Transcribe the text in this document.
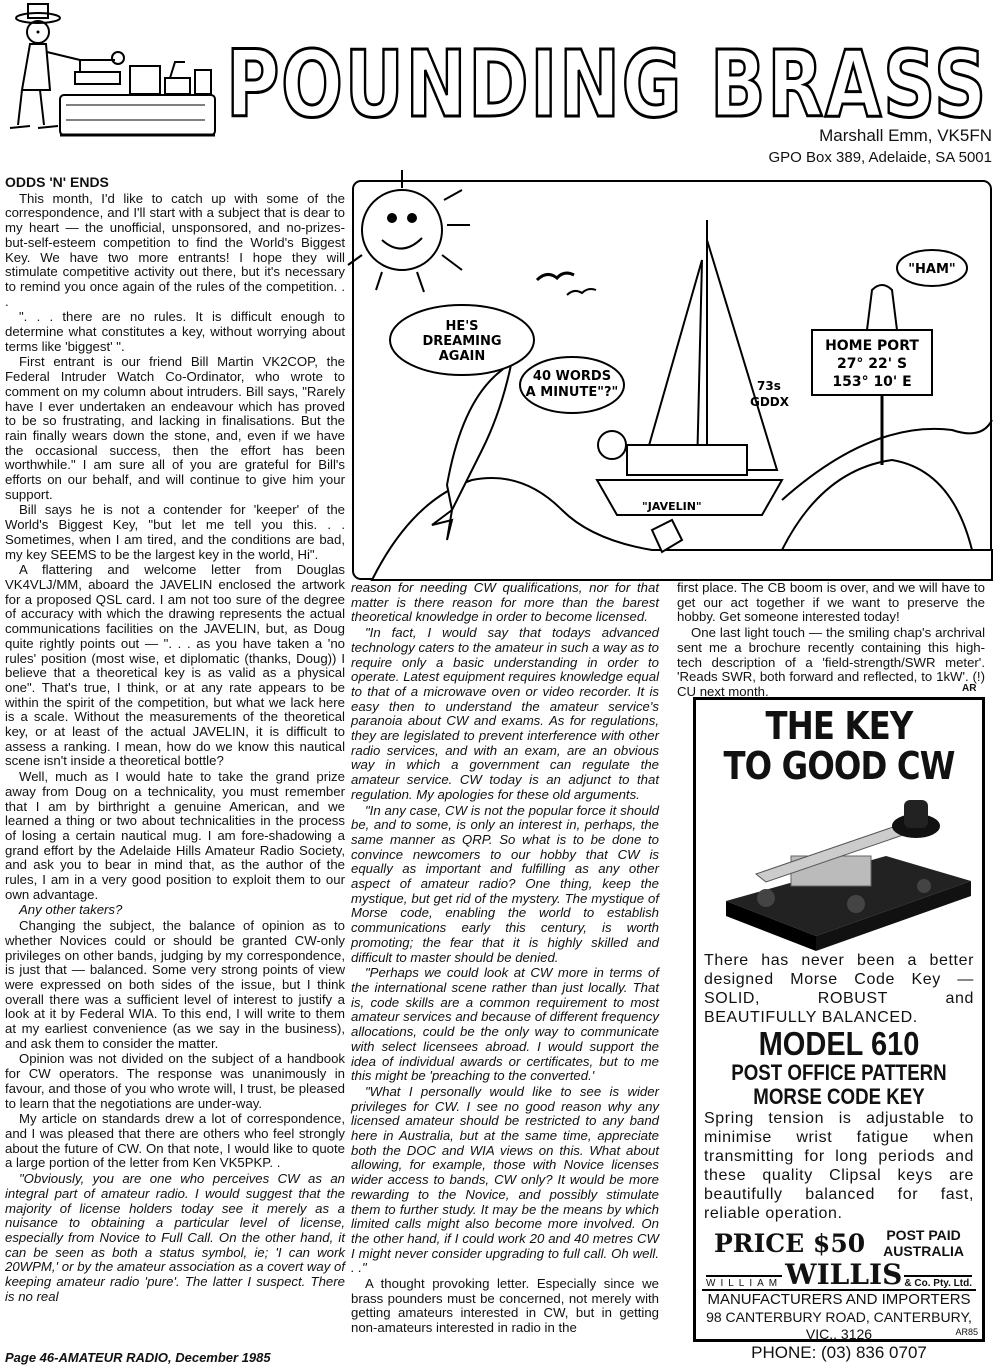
POUNDING BRASS
Marshall Emm, VK5FN
GPO Box 389, Adelaide, SA 5001
ODDS 'N' ENDS

This month, I'd like to catch up with some of the correspondence, and I'll start with a subject that is dear to my heart — the unofficial, unsponsored, and no-prizes-but-self-esteem competition to find the World's Biggest Key. We have two more entrants! I hope they will stimulate competitive activity out there, but it's necessary to remind you once again of the rules of the competition. . .

". . . there are no rules. It is difficult enough to determine what constitutes a key, without worrying about terms like 'biggest' ".

First entrant is our friend Bill Martin VK2COP, the Federal Intruder Watch Co-Ordinator, who wrote to comment on my column about intruders. Bill says, "Rarely have I ever undertaken an endeavour which has proved to be so frustrating, and lacking in finalisations. But the rain finally wears down the stone, and, even if we have the occasional success, then the effort has been worthwhile." I am sure all of you are grateful for Bill's efforts on our behalf, and will continue to give him your support.

Bill says he is not a contender for 'keeper' of the World's Biggest Key, "but let me tell you this. . . Sometimes, when I am tired, and the conditions are bad, my key SEEMS to be the largest key in the world, Hi".

A flattering and welcome letter from Douglas VK4VLJ/MM, aboard the JAVELIN enclosed the artwork for a proposed QSL card. I am not too sure of the degree of accuracy with which the drawing represents the actual communications facilities on the JAVELIN, but, as Doug quite rightly points out — ". . . as you have taken a 'no rules' position (most wise, et diplomatic (thanks, Doug)) I believe that a theoretical key is as valid as a physical one". That's true, I think, or at any rate appears to be within the spirit of the competition, but what we lack here is a scale. Without the measurements of the theoretical key, or at least of the actual JAVELIN, it is difficult to assess a ranking. I mean, how do we know this nautical scene isn't inside a theoretical bottle?

Well, much as I would hate to take the grand prize away from Doug on a technicality, you must remember that I am by birthright a genuine American, and we learned a thing or two about technicalities in the process of losing a certain nautical mug. I am fore-shadowing a grand effort by the Adelaide Hills Amateur Radio Society, and ask you to bear in mind that, as the author of the rules, I am in a very good position to exploit them to our own advantage.

Any other takers?

Changing the subject, the balance of opinion as to whether Novices could or should be granted CW-only privileges on other bands, judging by my correspondence, is just that — balanced. Some very strong points of view were expressed on both sides of the issue, but I think overall there was a sufficient level of interest to justify a look at it by Federal WIA. To this end, I will write to them at my earliest convenience (as we say in the business), and ask them to consider the matter.

Opinion was not divided on the subject of a handbook for CW operators. The response was unanimously in favour, and those of you who wrote will, I trust, be pleased to learn that the negotiations are under-way.

My article on standards drew a lot of correspondence, and I was pleased that there are others who feel strongly about the future of CW. On that note, I would like to quote a large portion of the letter from Ken VK5PKP. .

"Obviously, you are one who perceives CW as an integral part of amateur radio. I would suggest that the majority of license holders today see it merely as a nuisance to obtaining a particular level of license, especially from Novice to Full Call. On the other hand, it can be seen as both a status symbol, ie; 'I can work 20WPM,' or by the amateur association as a covert way of keeping amateur radio 'pure'. The latter I suspect. There is no real

HE'S
DREAMING
AGAIN
"JAVELIN"
73s
GDDX
40 WORDS
A MINUTE"?"
HOME PORT
27° 22' S
153° 10' E
"HAM"

reason for needing CW qualifications, nor for that matter is there reason for more than the barest theoretical knowledge in order to become licensed.

"In fact, I would say that todays advanced technology caters to the amateur in such a way as to require only a basic understanding in order to operate. Latest equipment requires knowledge equal to that of a microwave oven or video recorder. It is easy then to understand the amateur service's paranoia about CW and exams. As for regulations, they are legislated to prevent interference with other radio services, and with an exam, are an obvious way in which a government can regulate the amateur service. CW today is an adjunct to that regulation. My apologies for these old arguments.

"In any case, CW is not the popular force it should be, and to some, is only an interest in, perhaps, the same manner as QRP. So what is to be done to convince newcomers to our hobby that CW is equally as important and fulfilling as any other aspect of amateur radio? One thing, keep the mystique, but get rid of the mystery. The mystique of Morse code, enabling the world to establish communications early this century, is worth promoting; the fear that it is highly skilled and difficult to master should be denied.

"Perhaps we could look at CW more in terms of the international scene rather than just locally. That is, code skills are a common requirement to most amateur services and because of different frequency allocations, could be the only way to communicate with select licensees abroad. I would support the idea of individual awards or certificates, but to me this might be 'preaching to the converted.'

"What I personally would like to see is wider privileges for CW. I see no good reason why any licensed amateur should be restricted to any band here in Australia, but at the same time, appreciate both the DOC and WIA views on this. What about allowing, for example, those with Novice licenses wider access to bands, CW only? It would be more rewarding to the Novice, and possibly stimulate them to further study. It may be the means by which limited calls might also become more involved. On the other hand, if I could work 20 and 40 metres CW I might never consider upgrading to full call. Oh well. . ."

A thought provoking letter. Especially since we brass pounders must be concerned, not merely with getting amateurs interested in CW, but in getting non-amateurs interested in radio in the

first place. The CB boom is over, and we will have to get our act together if we want to preserve the hobby. Get someone interested today!

One last light touch — the smiling chap's archrival sent me a brochure recently containing this high-tech description of a 'field-strength/SWR meter'. 'Reads SWR, both forward and reflected, to 1kW'. (!) CU next month.	AR
THE KEY
TO GOOD CW
There has never been a better designed Morse Code Key — SOLID, ROBUST and BEAUTIFULLY BALANCED.
MODEL 610
POST OFFICE PATTERN
MORSE CODE KEY
Spring tension is adjustable to minimise wrist fatigue when transmitting for long periods and these quality Clipsal keys are beautifully balanced for fast, reliable operation.
PRICE $50 POST PAID
AUSTRALIA
WILLIAM WILLIS & Co. Pty. Ltd.
MANUFACTURERS AND IMPORTERS
98 CANTERBURY ROAD, CANTERBURY, VIC., 3126
PHONE: (03) 836 0707
AR85
Page 46-AMATEUR RADIO, December 1985
